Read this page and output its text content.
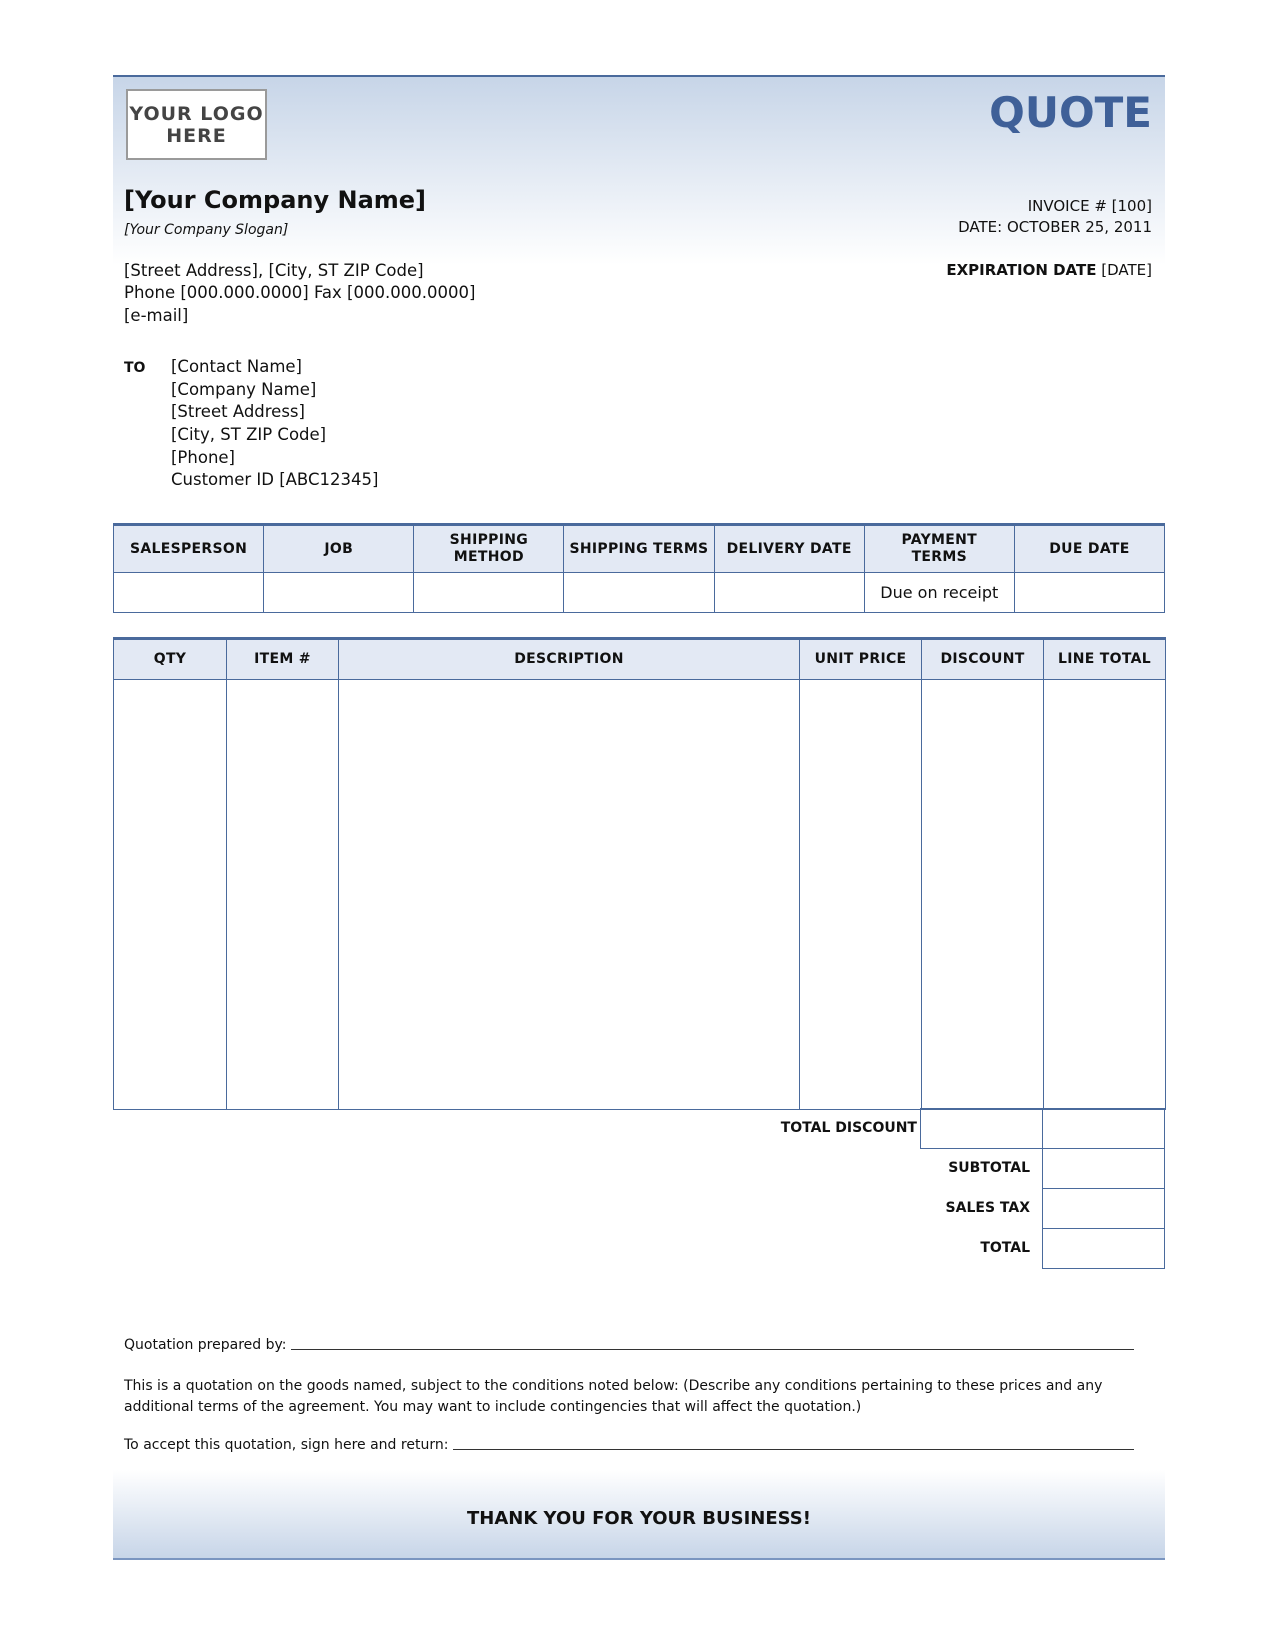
YOUR LOGO
HERE	QUOTE
[Your Company Name]
[Your Company Slogan]
[Street Address], [City, ST ZIP Code]
Phone [000.000.0000] Fax [000.000.0000]
[e-mail]
INVOICE # [100]
DATE: OCTOBER 25, 2011
EXPIRATION DATE [DATE]
TO [Contact Name]
[Company Name]
[Street Address]
[City, ST ZIP Code]
[Phone]
Customer ID [ABC12345]
SALESPERSON	JOB	SHIPPING METHOD	SHIPPING TERMS	DELIVERY DATE	PAYMENT TERMS	DUE DATE
					Due on receipt	
QTY	ITEM #	DESCRIPTION	UNIT PRICE	DISCOUNT	LINE TOTAL

TOTAL DISCOUNT
SUBTOTAL
SALES TAX
TOTAL
Quotation prepared by:
This is a quotation on the goods named, subject to the conditions noted below: (Describe any conditions pertaining to these prices and any additional terms of the agreement. You may want to include contingencies that will affect the quotation.)
To accept this quotation, sign here and return:
THANK YOU FOR YOUR BUSINESS!
